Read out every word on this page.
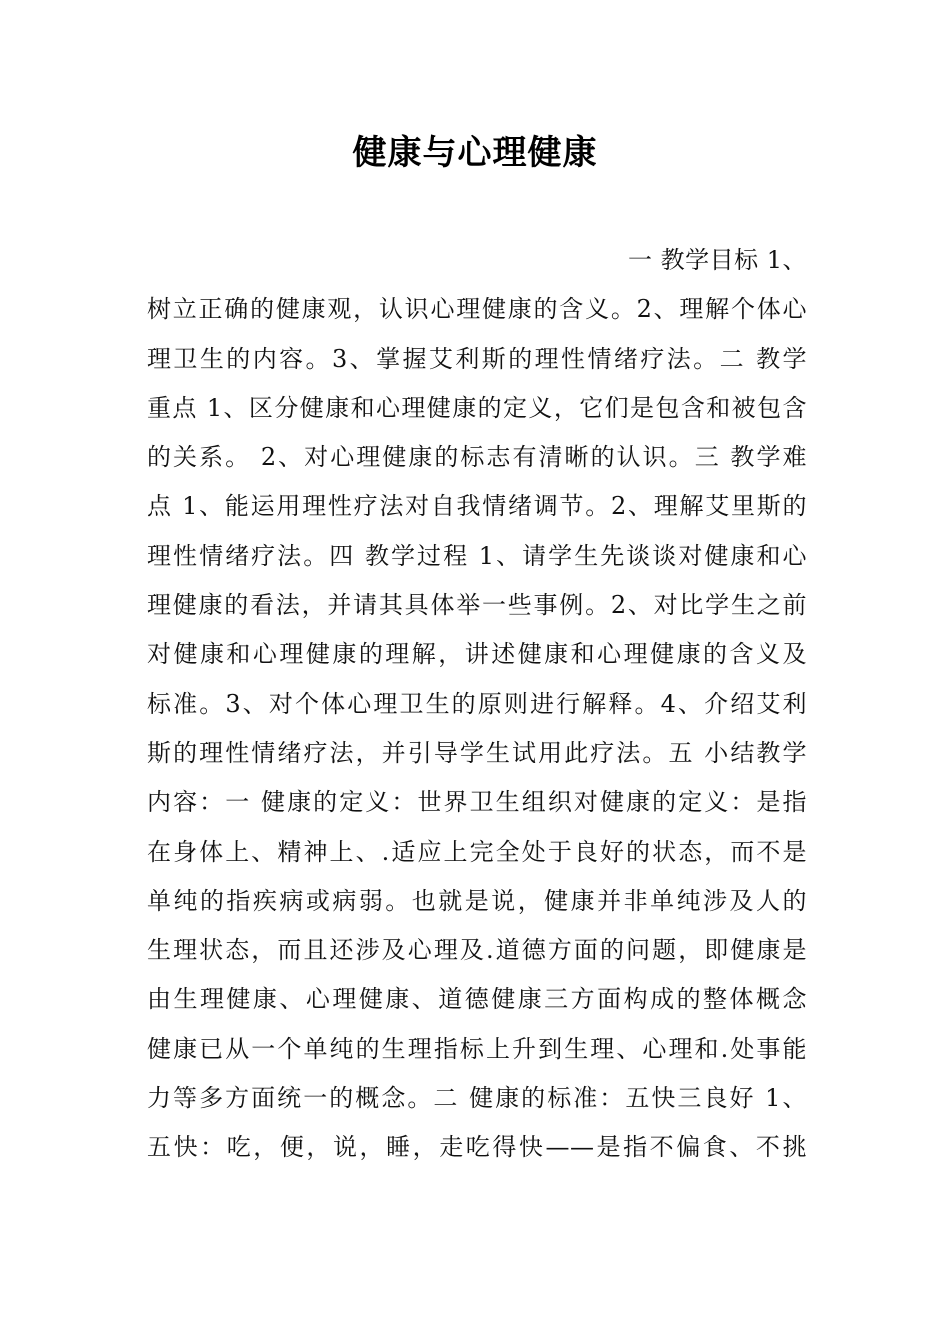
健康与心理健康
一 教学目标 1、
树立正确的健康观，认识心理健康的含义。2、理解个体心
理卫生的内容。3、掌握艾利斯的理性情绪疗法。二 教学
重点 1、区分健康和心理健康的定义，它们是包含和被包含
的关系。 2、对心理健康的标志有清晰的认识。三 教学难
点 1、能运用理性疗法对自我情绪调节。2、理解艾里斯的
理性情绪疗法。四 教学过程 1、请学生先谈谈对健康和心
理健康的看法，并请其具体举一些事例。2、对比学生之前
对健康和心理健康的理解，讲述健康和心理健康的含义及
标准。3、对个体心理卫生的原则进行解释。4、介绍艾利
斯的理性情绪疗法，并引导学生试用此疗法。五 小结教学
内容：一 健康的定义：世界卫生组织对健康的定义：是指
在身体上、精神上、.适应上完全处于良好的状态，而不是
单纯的指疾病或病弱。也就是说，健康并非单纯涉及人的
生理状态，而且还涉及心理及.道德方面的问题，即健康是
由生理健康、心理健康、道德健康三方面构成的整体概念
健康已从一个单纯的生理指标上升到生理、心理和.处事能
力等多方面统一的概念。二 健康的标准：五快三良好 1、
五快：吃，便，说，睡，走吃得快——是指不偏食、不挑
